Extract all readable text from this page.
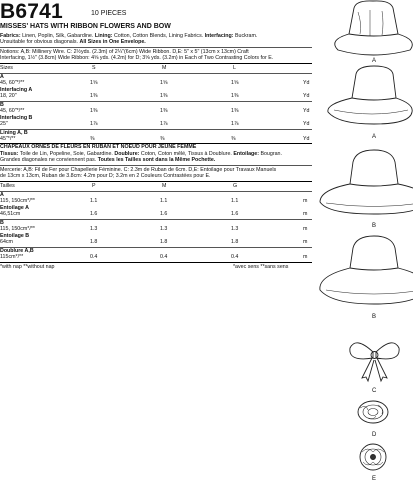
B6741	10 PIECES
MISSES' HATS WITH RIBBON FLOWERS AND BOW
Fabrics: Linen, Poplin, Silk, Gabardine. Lining: Cotton, Cotton Blends, Lining Fabrics. Interfacing: Buckram.
Unsuitable for obvious diagonals. All Sizes in One Envelope.
Notions: A,B: Millinery Wire. C: 2½yds. (2.3m) of 2¼"(6cm) Wide Ribbon. D,E: 5" x 5" (13cm x 13cm) Craft
Interfacing, 1½" (3.8cm) Wide Ribbon: 4⅝ yds. (4.2m) for D; 3⅝ yds. (3.2m) in Each of Two Contrasting Colors for E.
Sizes	S	M	L
A
45, 60"*/**	1⅝	1⅝	1⅝	Yd
Interfacing A
18, 20"	1⅜	1⅜	1⅜	Yd
B
45, 60"*/**	1⅜	1⅜	1⅜	Yd
Interfacing B
25"	1⅞	1⅞	1⅞	Yd
Lining A, B
45"*/**	⅜	⅜	⅜	Yd
CHAPEAUX ORNÉS DE FLEURS EN RUBAN ET NOEUD POUR JEUNE FEMME
Tissus: Toile de Lin, Popeline, Soie, Gabardine. Doublure: Coton, Coton mêlé, Tissus à Doublure. Entoilage: Bougran.
Grandes diagonales ne conviennent pas. Toutes les Tailles sont dans la Même Pochette.
Mercerie: A,B: Fil de Fer pour Chapellerie Féminine. C: 2.3m de Ruban de 6cm. D,E: Entoilage pour Travaux Manuels
de 13cm x 13cm, Ruban de 3.8cm: 4.2m pour D; 3.2m en 2 Couleurs Contrastées pour E.
Tailles	P	M	G
A
115, 150cm*/**	1.1	1.1	1.1	m
Entoilage A
46,51cm	1.6	1.6	1.6	m
B
115, 150cm*/**	1.3	1.3	1.3	m
Entoilage B
64cm	1.8	1.8	1.8	m
Doublure A,B
115cm*/**	0.4	0.4	0.4	m
*with nap **without nap	*avec sens **sans sens
A
A
B
B
C
D
E
